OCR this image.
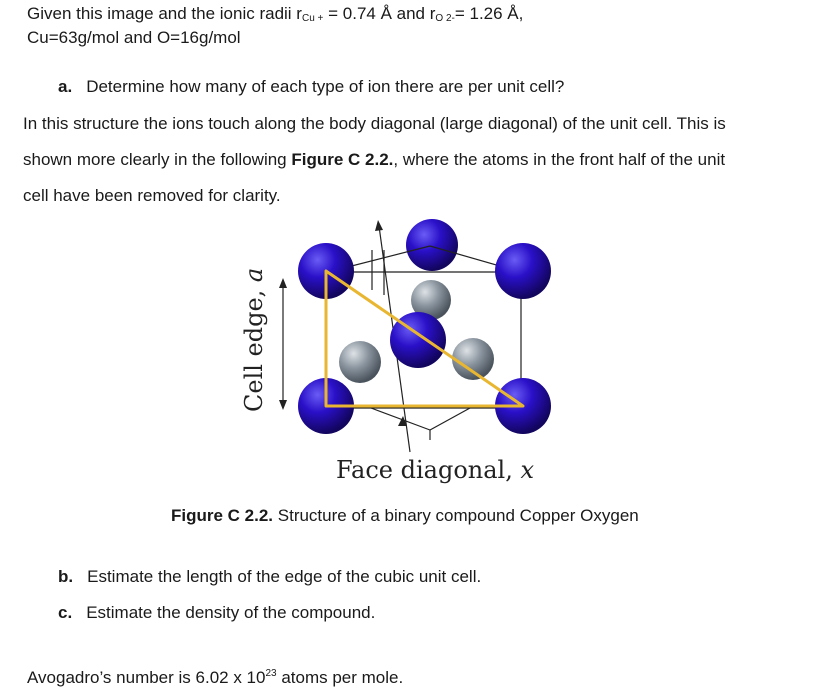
Given this image and the ionic radii $r_{Cu +} = 0.74$ Å and $r_{O 2-}= 1.26$ Å,
Cu=63g/mol and O=16g/mol
a. Determine how many of each type of ion there are per unit cell?
In this structure the ions touch along the body diagonal (large diagonal) of the unit cell. This is
shown more clearly in the following Figure C 2.2., where the atoms in the front half of the unit
cell have been removed for clarity.
Cell edge, a
Face diagonal, x
Figure C 2.2. Structure of a binary compound Copper Oxygen
b. Estimate the length of the edge of the cubic unit cell.
c. Estimate the density of the compound.
Avogadro’s number is 6.02 x $10^{23}$ atoms per mole.
